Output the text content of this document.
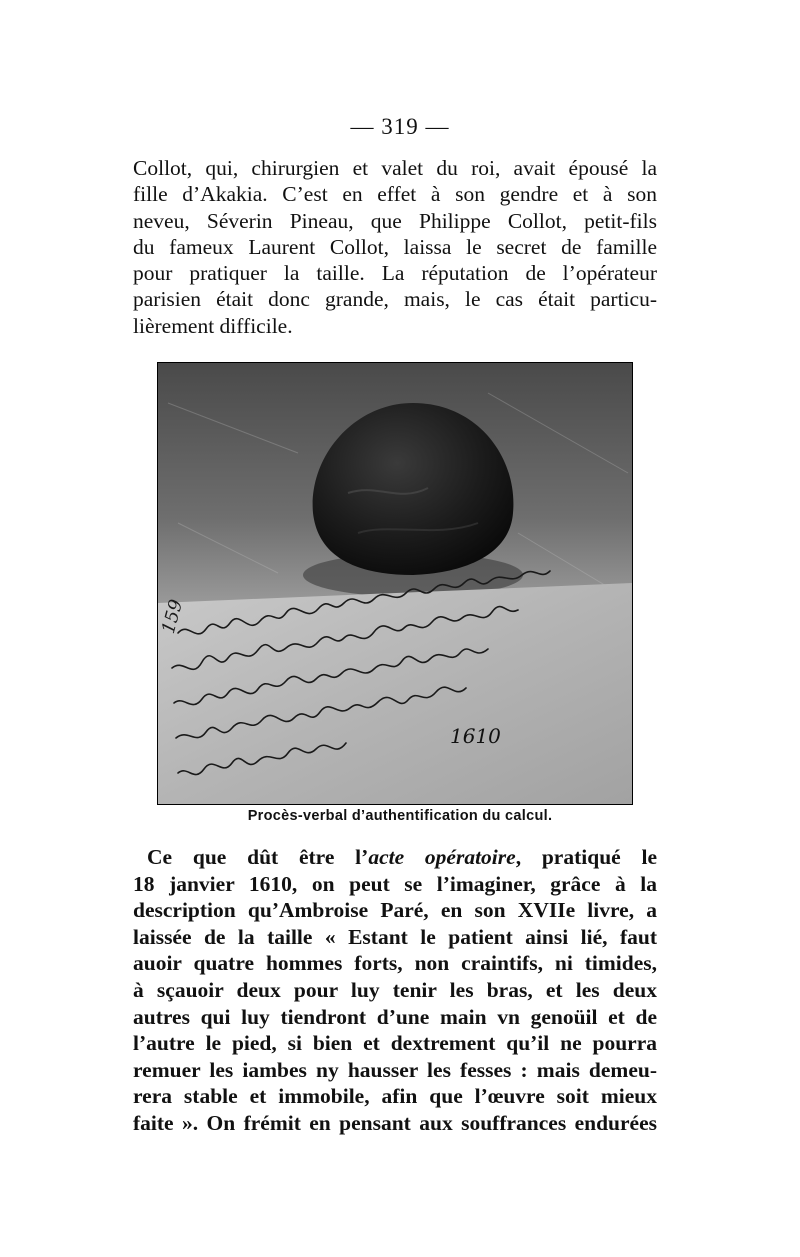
— 319 —
Collot, qui, chirurgien et valet du roi, avait épousé la
fille d’Akakia. C’est en effet à son gendre et à son
neveu, Séverin Pineau, que Philippe Collot, petit-fils
du fameux Laurent Collot, laissa le secret de famille
pour pratiquer la taille. La réputation de l’opérateur
parisien était donc grande, mais, le cas était particu-
lièrement difficile.
159
1610
Procès-verbal d’authentification du calcul.
Ce que dût être l’acte opératoire, pratiqué le
18 janvier 1610, on peut se l’imaginer, grâce à la
description qu’Ambroise Paré, en son XVIIe livre, a
laissée de la taille « Estant le patient ainsi lié, faut
auoir quatre hommes forts, non craintifs, ni timides,
à sçauoir deux pour luy tenir les bras, et les deux
autres qui luy tiendront d’une main vn genoüil et de
l’autre le pied, si bien et dextrement qu’il ne pourra
remuer les iambes ny hausser les fesses : mais demeu-
rera stable et immobile, afin que l’œuvre soit mieux
faite ». On frémit en pensant aux souffrances endurées
